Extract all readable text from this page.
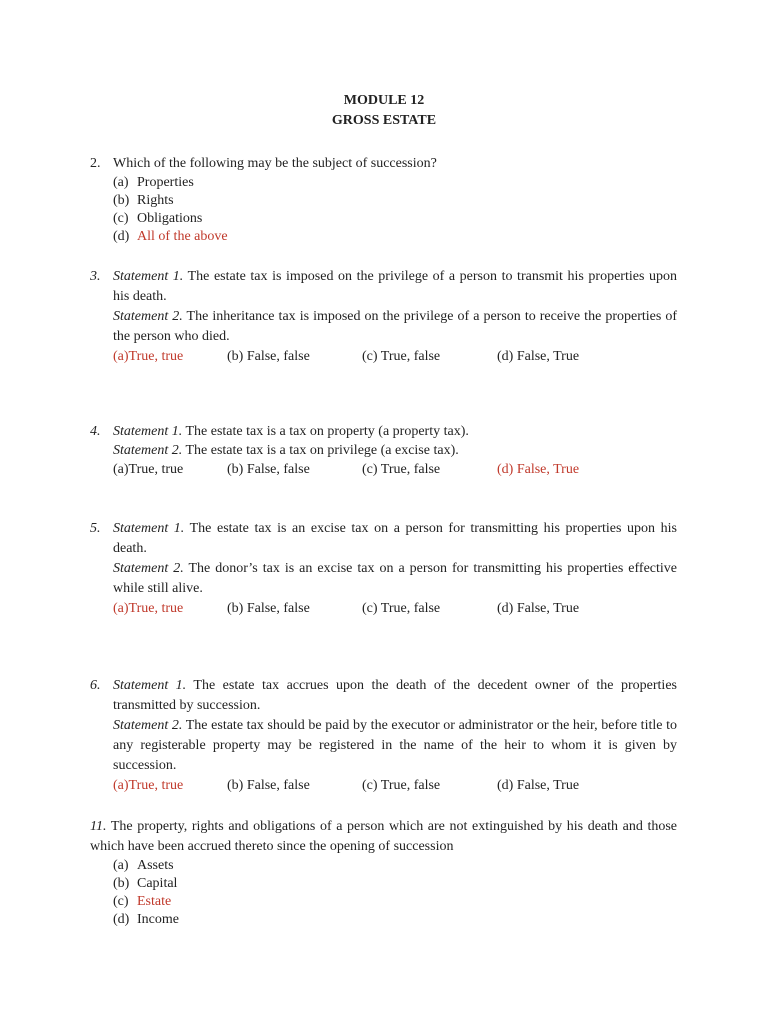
MODULE 12
GROSS ESTATE
2. Which of the following may be the subject of succession?

(a) Properties
(b) Rights
(c) Obligations
(d) All of the above
3. Statement 1. The estate tax is imposed on the privilege of a person to transmit his properties upon his death.

Statement 2. The inheritance tax is imposed on the privilege of a person to receive the properties of the person who died.

(a)True, true	(b) False, false	(c) True, false	(d) False, True
4. Statement 1. The estate tax is a tax on property (a property tax).

Statement 2. The estate tax is a tax on privilege (a excise tax).

(a)True, true	(b) False, false	(c) True, false	(d) False, True
5. Statement 1. The estate tax is an excise tax on a person for transmitting his properties upon his death.

Statement 2. The donor’s tax is an excise tax on a person for transmitting his properties effective while still alive.

(a)True, true	(b) False, false	(c) True, false	(d) False, True
6. Statement 1. The estate tax accrues upon the death of the decedent owner of the properties transmitted by succession.

Statement 2. The estate tax should be paid by the executor or administrator or the heir, before title to any registerable property may be registered in the name of the heir to whom it is given by succession.

(a)True, true	(b) False, false	(c) True, false	(d) False, True
11. The property, rights and obligations of a person which are not extinguished by his death and those which have been accrued thereto since the opening of succession
(a) Assets
(b) Capital
(c) Estate
(d) Income
